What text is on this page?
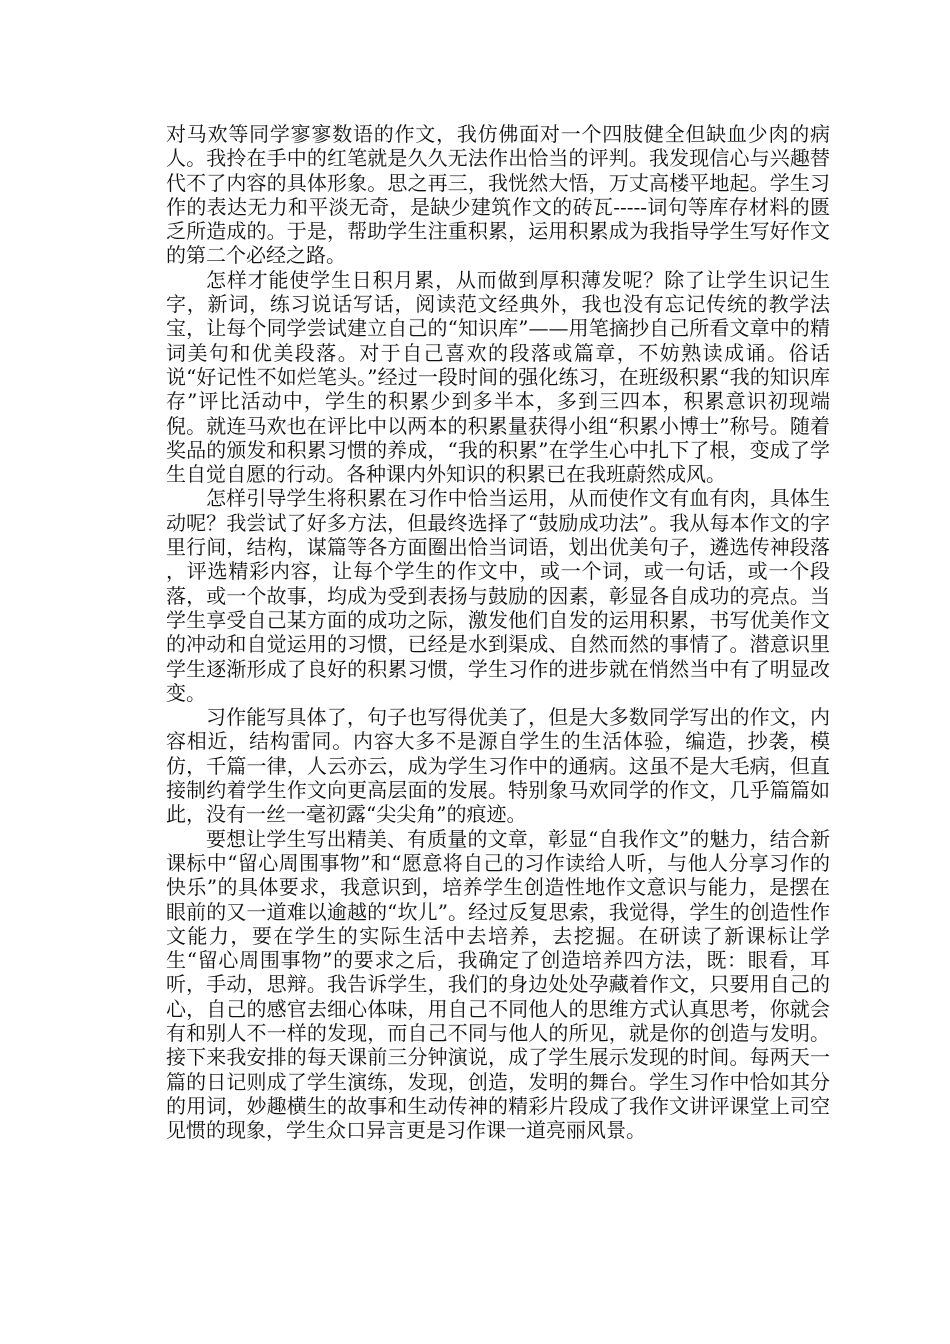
对马欢等同学寥寥数语的作文，我仿佛面对一个四肢健全但缺血少肉的病人。我拎在手中的红笔就是久久无法作出恰当的评判。我发现信心与兴趣替代不了内容的具体形象。思之再三，我恍然大悟，万丈高楼平地起。学生习作的表达无力和平淡无奇，是缺少建筑作文的砖瓦-----词句等库存材料的匮乏所造成的。于是，帮助学生注重积累，运用积累成为我指导学生写好作文的第二个必经之路。

怎样才能使学生日积月累，从而做到厚积薄发呢？除了让学生识记生字，新词，练习说话写话，阅读范文经典外，我也没有忘记传统的教学法宝，让每个同学尝试建立自己的“知识库”——用笔摘抄自己所看文章中的精词美句和优美段落。对于自己喜欢的段落或篇章，不妨熟读成诵。俗话说“好记性不如烂笔头。”经过一段时间的强化练习，在班级积累“我的知识库存”评比活动中，学生的积累少到多半本，多到三四本，积累意识初现端倪。就连马欢也在评比中以两本的积累量获得小组“积累小博士”称号。随着奖品的颁发和积累习惯的养成，“我的积累”在学生心中扎下了根，变成了学生自觉自愿的行动。各种课内外知识的积累已在我班蔚然成风。

怎样引导学生将积累在习作中恰当运用，从而使作文有血有肉，具体生动呢？我尝试了好多方法，但最终选择了“鼓励成功法”。我从每本作文的字里行间，结构，谋篇等各方面圈出恰当词语，划出优美句子，遴选传神段落 ，评选精彩内容，让每个学生的作文中，或一个词，或一句话，或一个段落，或一个故事，均成为受到表扬与鼓励的因素，彰显各自成功的亮点。当学生享受自己某方面的成功之际，激发他们自发的运用积累，书写优美作文的冲动和自觉运用的习惯，已经是水到渠成、自然而然的事情了。潜意识里学生逐渐形成了良好的积累习惯，学生习作的进步就在悄然当中有了明显改变。

习作能写具体了，句子也写得优美了，但是大多数同学写出的作文，内容相近，结构雷同。内容大多不是源自学生的生活体验，编造，抄袭，模仿，千篇一律，人云亦云，成为学生习作中的通病。这虽不是大毛病，但直接制约着学生作文向更高层面的发展。特别象马欢同学的作文，几乎篇篇如此，没有一丝一毫初露“尖尖角”的痕迹。

要想让学生写出精美、有质量的文章，彰显“自我作文”的魅力，结合新课标中“留心周围事物”和“愿意将自己的习作读给人听，与他人分享习作的快乐”的具体要求，我意识到，培养学生创造性地作文意识与能力，是摆在眼前的又一道难以逾越的“坎儿”。经过反复思索，我觉得，学生的创造性作文能力，要在学生的实际生活中去培养，去挖掘。在研读了新课标让学生“留心周围事物”的要求之后，我确定了创造培养四方法，既：眼看，耳听，手动，思辩。我告诉学生，我们的身边处处孕藏着作文，只要用自己的心，自己的感官去细心体味，用自己不同他人的思维方式认真思考，你就会有和别人不一样的发现，而自己不同与他人的所见，就是你的创造与发明。接下来我安排的每天课前三分钟演说，成了学生展示发现的时间。每两天一篇的日记则成了学生演练，发现，创造，发明的舞台。学生习作中恰如其分的用词，妙趣横生的故事和生动传神的精彩片段成了我作文讲评课堂上司空见惯的现象，学生众口异言更是习作课一道亮丽风景。
